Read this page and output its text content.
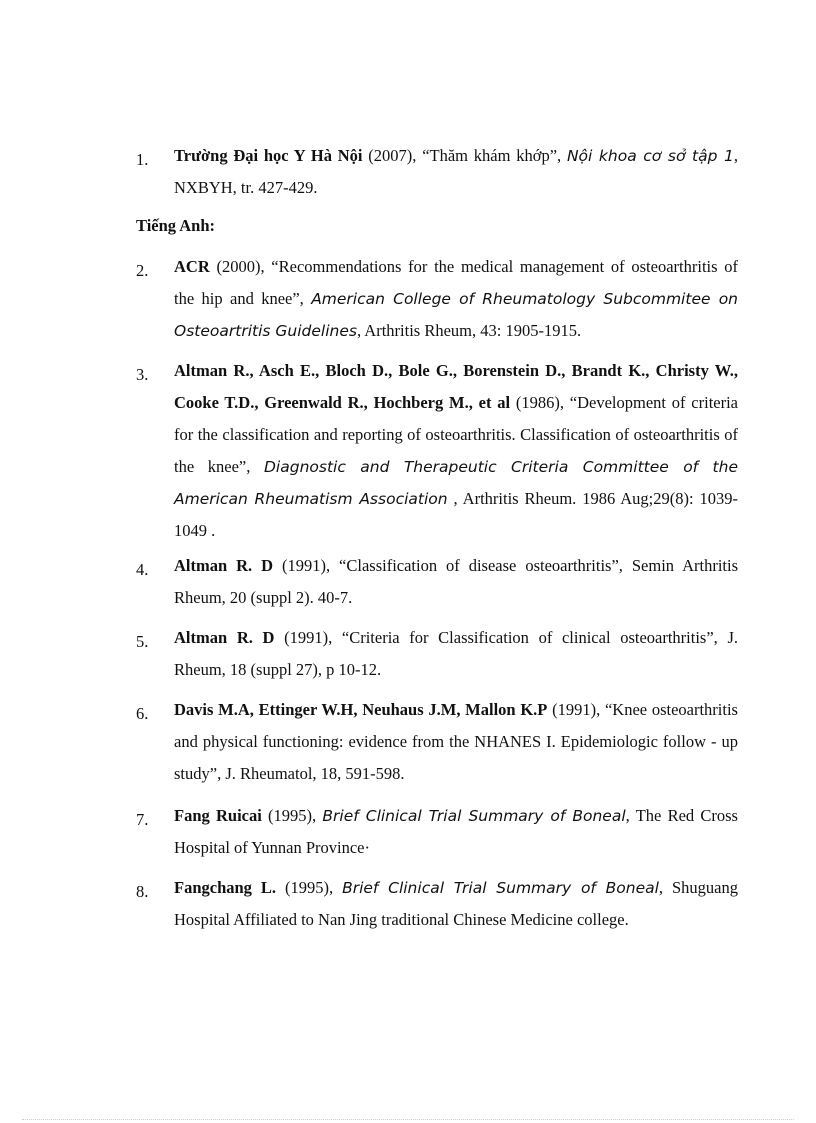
1. Trường Đại học Y Hà Nội (2007), “Thăm khám khớp”, Nội khoa cơ sở tập 1, NXBYH, tr. 427-429.
Tiếng Anh:
2. ACR (2000), “Recommendations for the medical management of osteoarthritis of the hip and knee”, American College of Rheumatology Subcommitee on Osteoartritis Guidelines, Arthritis Rheum, 43: 1905-1915.
3. Altman R., Asch E., Bloch D., Bole G., Borenstein D., Brandt K., Christy W., Cooke T.D., Greenwald R., Hochberg M., et al (1986), “Development of criteria for the classification and reporting of osteoarthritis. Classification of osteoarthritis of the knee”, Diagnostic and Therapeutic Criteria Committee of the American Rheumatism Association , Arthritis Rheum. 1986 Aug;29(8): 1039-1049 .
4. Altman R. D (1991), “Classification of disease osteoarthritis”, Semin Arthritis Rheum, 20 (suppl 2). 40-7.
5. Altman R. D (1991), “Criteria for Classification of clinical osteoarthritis”, J. Rheum, 18 (suppl 27), p 10-12.
6. Davis M.A, Ettinger W.H, Neuhaus J.M, Mallon K.P (1991), “Knee osteoarthritis and physical functioning: evidence from the NHANES I. Epidemiologic follow - up study”, J. Rheumatol, 18, 591-598.
7. Fang Ruicai (1995), Brief Clinical Trial Summary of Boneal, The Red Cross Hospital of Yunnan Province·
8. Fangchang L. (1995), Brief Clinical Trial Summary of Boneal, Shuguang Hospital Affiliated to Nan Jing traditional Chinese Medicine college.
